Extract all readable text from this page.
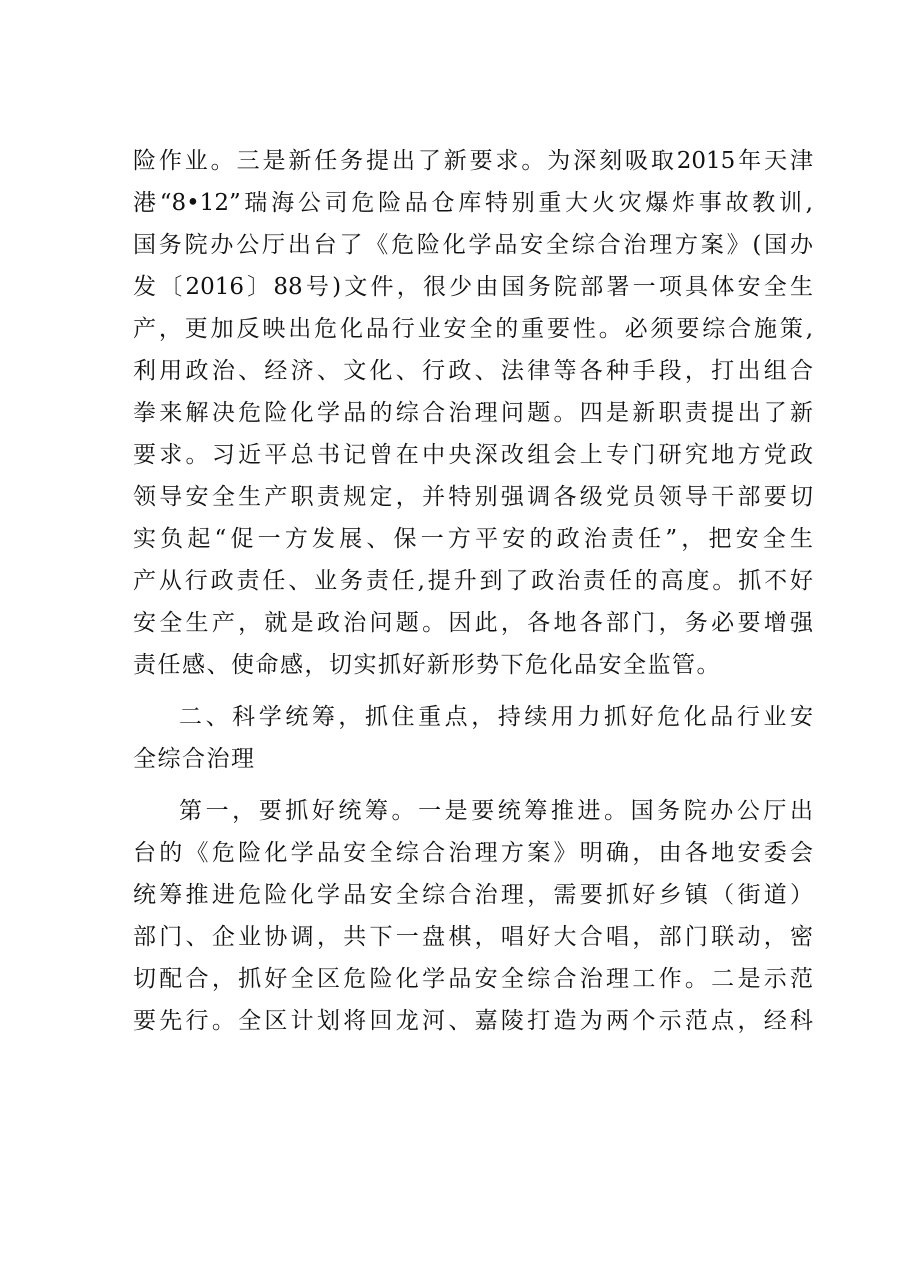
险作业。三是新任务提出了新要求。为深刻吸取2015年天津
港“8•12”瑞海公司危险品仓库特别重大火灾爆炸事故教训,
国务院办公厅出台了《危险化学品安全综合治理方案》(国办
发〔2016〕88号)文件，很少由国务院部署一项具体安全生
产，更加反映出危化品行业安全的重要性。必须要综合施策,
利用政治、经济、文化、行政、法律等各种手段，打出组合
拳来解决危险化学品的综合治理问题。四是新职责提出了新
要求。习近平总书记曾在中央深改组会上专门研究地方党政
领导安全生产职责规定，并特别强调各级党员领导干部要切
实负起“促一方发展、保一方平安的政治责任”，把安全生
产从行政责任、业务责任,提升到了政治责任的高度。抓不好
安全生产，就是政治问题。因此，各地各部门，务必要增强
责任感、使命感，切实抓好新形势下危化品安全监管。
二、科学统筹，抓住重点，持续用力抓好危化品行业安
全综合治理
第一，要抓好统筹。一是要统筹推进。国务院办公厅出
台的《危险化学品安全综合治理方案》明确，由各地安委会
统筹推进危险化学品安全综合治理，需要抓好乡镇（街道）
部门、企业协调，共下一盘棋，唱好大合唱，部门联动，密
切配合，抓好全区危险化学品安全综合治理工作。二是示范
要先行。全区计划将回龙河、嘉陵打造为两个示范点，经科
